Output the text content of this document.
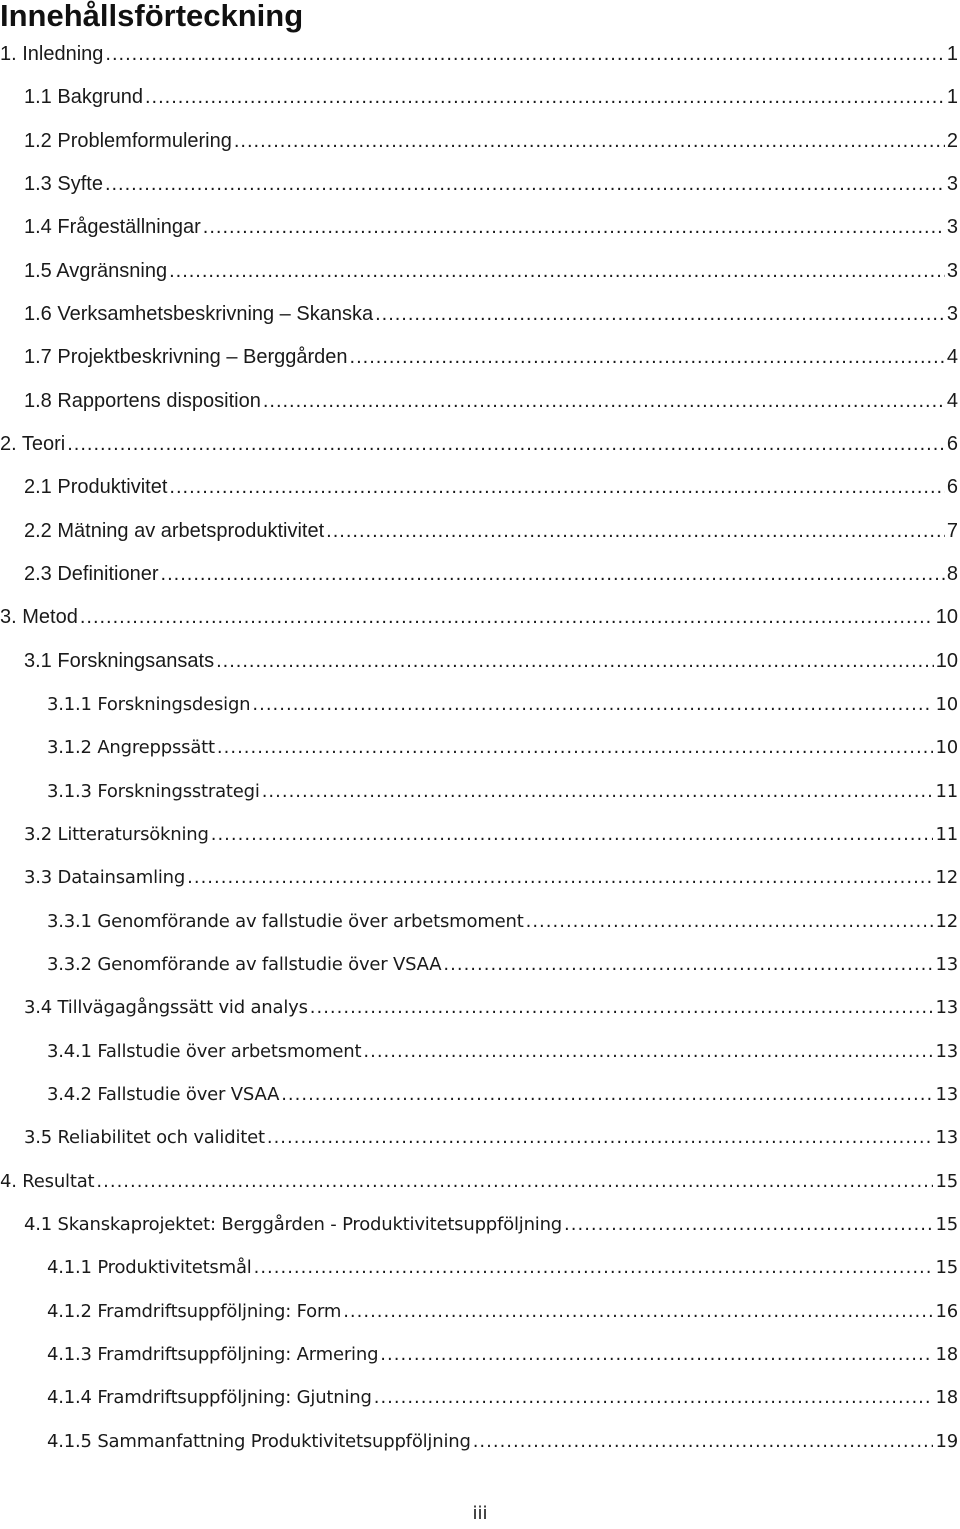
Innehållsförteckning
1. Inledning .....	1
1.1 Bakgrund .....	1
1.2 Problemformulering .....	2
1.3 Syfte .....	3
1.4 Frågeställningar .....	3
1.5 Avgränsning .....	3
1.6 Verksamhetsbeskrivning – Skanska .....	3
1.7 Projektbeskrivning – Berggården .....	4
1.8 Rapportens disposition .....	4
2. Teori .....	6
2.1 Produktivitet .....	6
2.2 Mätning av arbetsproduktivitet .....	7
2.3 Definitioner .....	8
3. Metod .....	10
3.1 Forskningsansats .....	10
3.1.1 Forskningsdesign .....	10
3.1.2 Angreppssätt .....	10
3.1.3 Forskningsstrategi .....	11
3.2 Litteratursökning .....	11
3.3 Datainsamling .....	12
3.3.1 Genomförande av fallstudie över arbetsmoment .....	12
3.3.2 Genomförande av fallstudie över VSAA .....	13
3.4 Tillvägagångssätt vid analys .....	13
3.4.1 Fallstudie över arbetsmoment .....	13
3.4.2 Fallstudie över VSAA .....	13
3.5 Reliabilitet och validitet .....	13
4. Resultat .....	15
4.1 Skanskaprojektet: Berggården - Produktivitetsuppföljning .....	15
4.1.1 Produktivitetsmål .....	15
4.1.2 Framdriftsuppföljning: Form .....	16
4.1.3 Framdriftsuppföljning: Armering .....	18
4.1.4 Framdriftsuppföljning: Gjutning .....	18
4.1.5 Sammanfattning Produktivitetsuppföljning .....	19
iii
